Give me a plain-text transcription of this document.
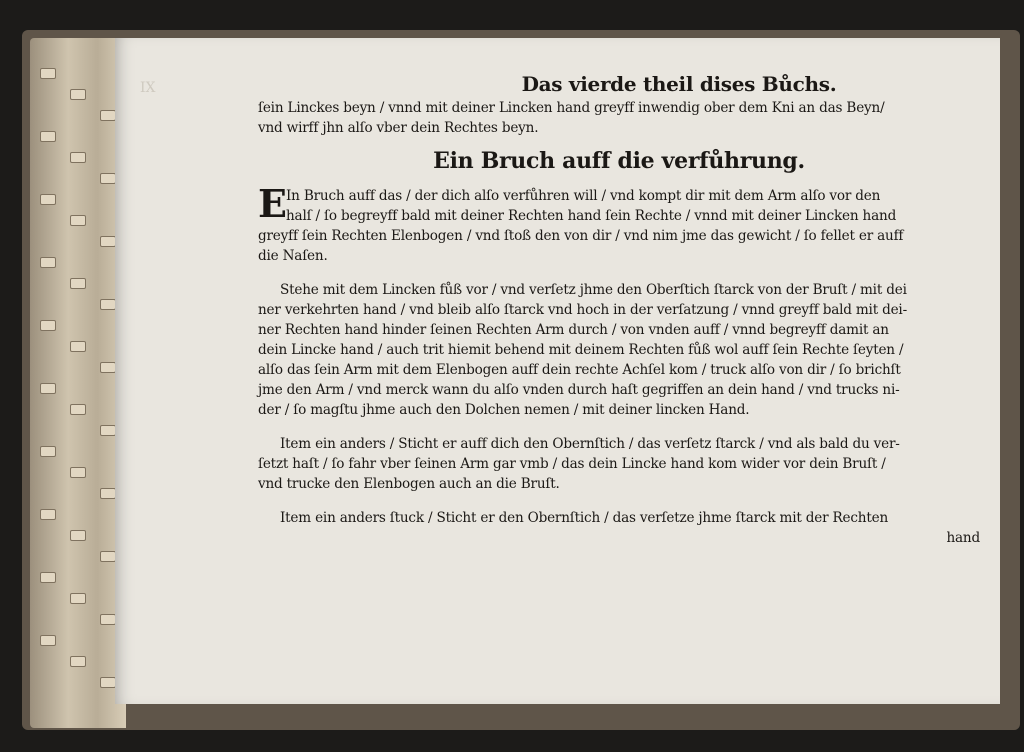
IX	Das vierde theil dises Bůchs.
ſein Linckes beyn / vnnd mit deiner Lincken hand greyff inwendig ober dem Kni an das Beyn/
vnd wirff jhn alſo vber dein Rechtes beyn.
Ein Bruch auff die verfůhrung.
E In Bruch auff das / der dich alſo verfůhren will / vnd kompt dir mit dem Arm alſo vor den
halſ / ſo begreyff bald mit deiner Rechten hand ſein Rechte / vnnd mit deiner Lincken hand
greyff ſein Rechten Elenbogen / vnd ſtoß den von dir / vnd nim jme das gewicht / ſo fellet er auff
die Naſen.
Stehe mit dem Lincken fůß vor / vnd verſetz jhme den Oberſtich ſtarck von der Bruſt / mit dei
ner verkehrten hand / vnd bleib alſo ſtarck vnd hoch in der verſatzung / vnnd greyff bald mit dei-
ner Rechten hand hinder ſeinen Rechten Arm durch / von vnden auff / vnnd begreyff damit an
dein Lincke hand / auch trit hiemit behend mit deinem Rechten fůß wol auff ſein Rechte ſeyten /
alſo das ſein Arm mit dem Elenbogen auff dein rechte Achſel kom / truck alſo von dir / ſo brichſt
jme den Arm / vnd merck wann du alſo vnden durch haſt gegriffen an dein hand / vnd trucks ni-
der / ſo magſtu jhme auch den Dolchen nemen / mit deiner lincken Hand.
Item ein anders / Sticht er auff dich den Obernſtich / das verſetz ſtarck / vnd als bald du ver-
ſetzt haſt / ſo fahr vber ſeinen Arm gar vmb / das dein Lincke hand kom wider vor dein Bruſt /
vnd trucke den Elenbogen auch an die Bruſt.
Item ein anders ſtuck / Sticht er den Obernſtich / das verſetze jhme ſtarck mit der Rechten
hand
